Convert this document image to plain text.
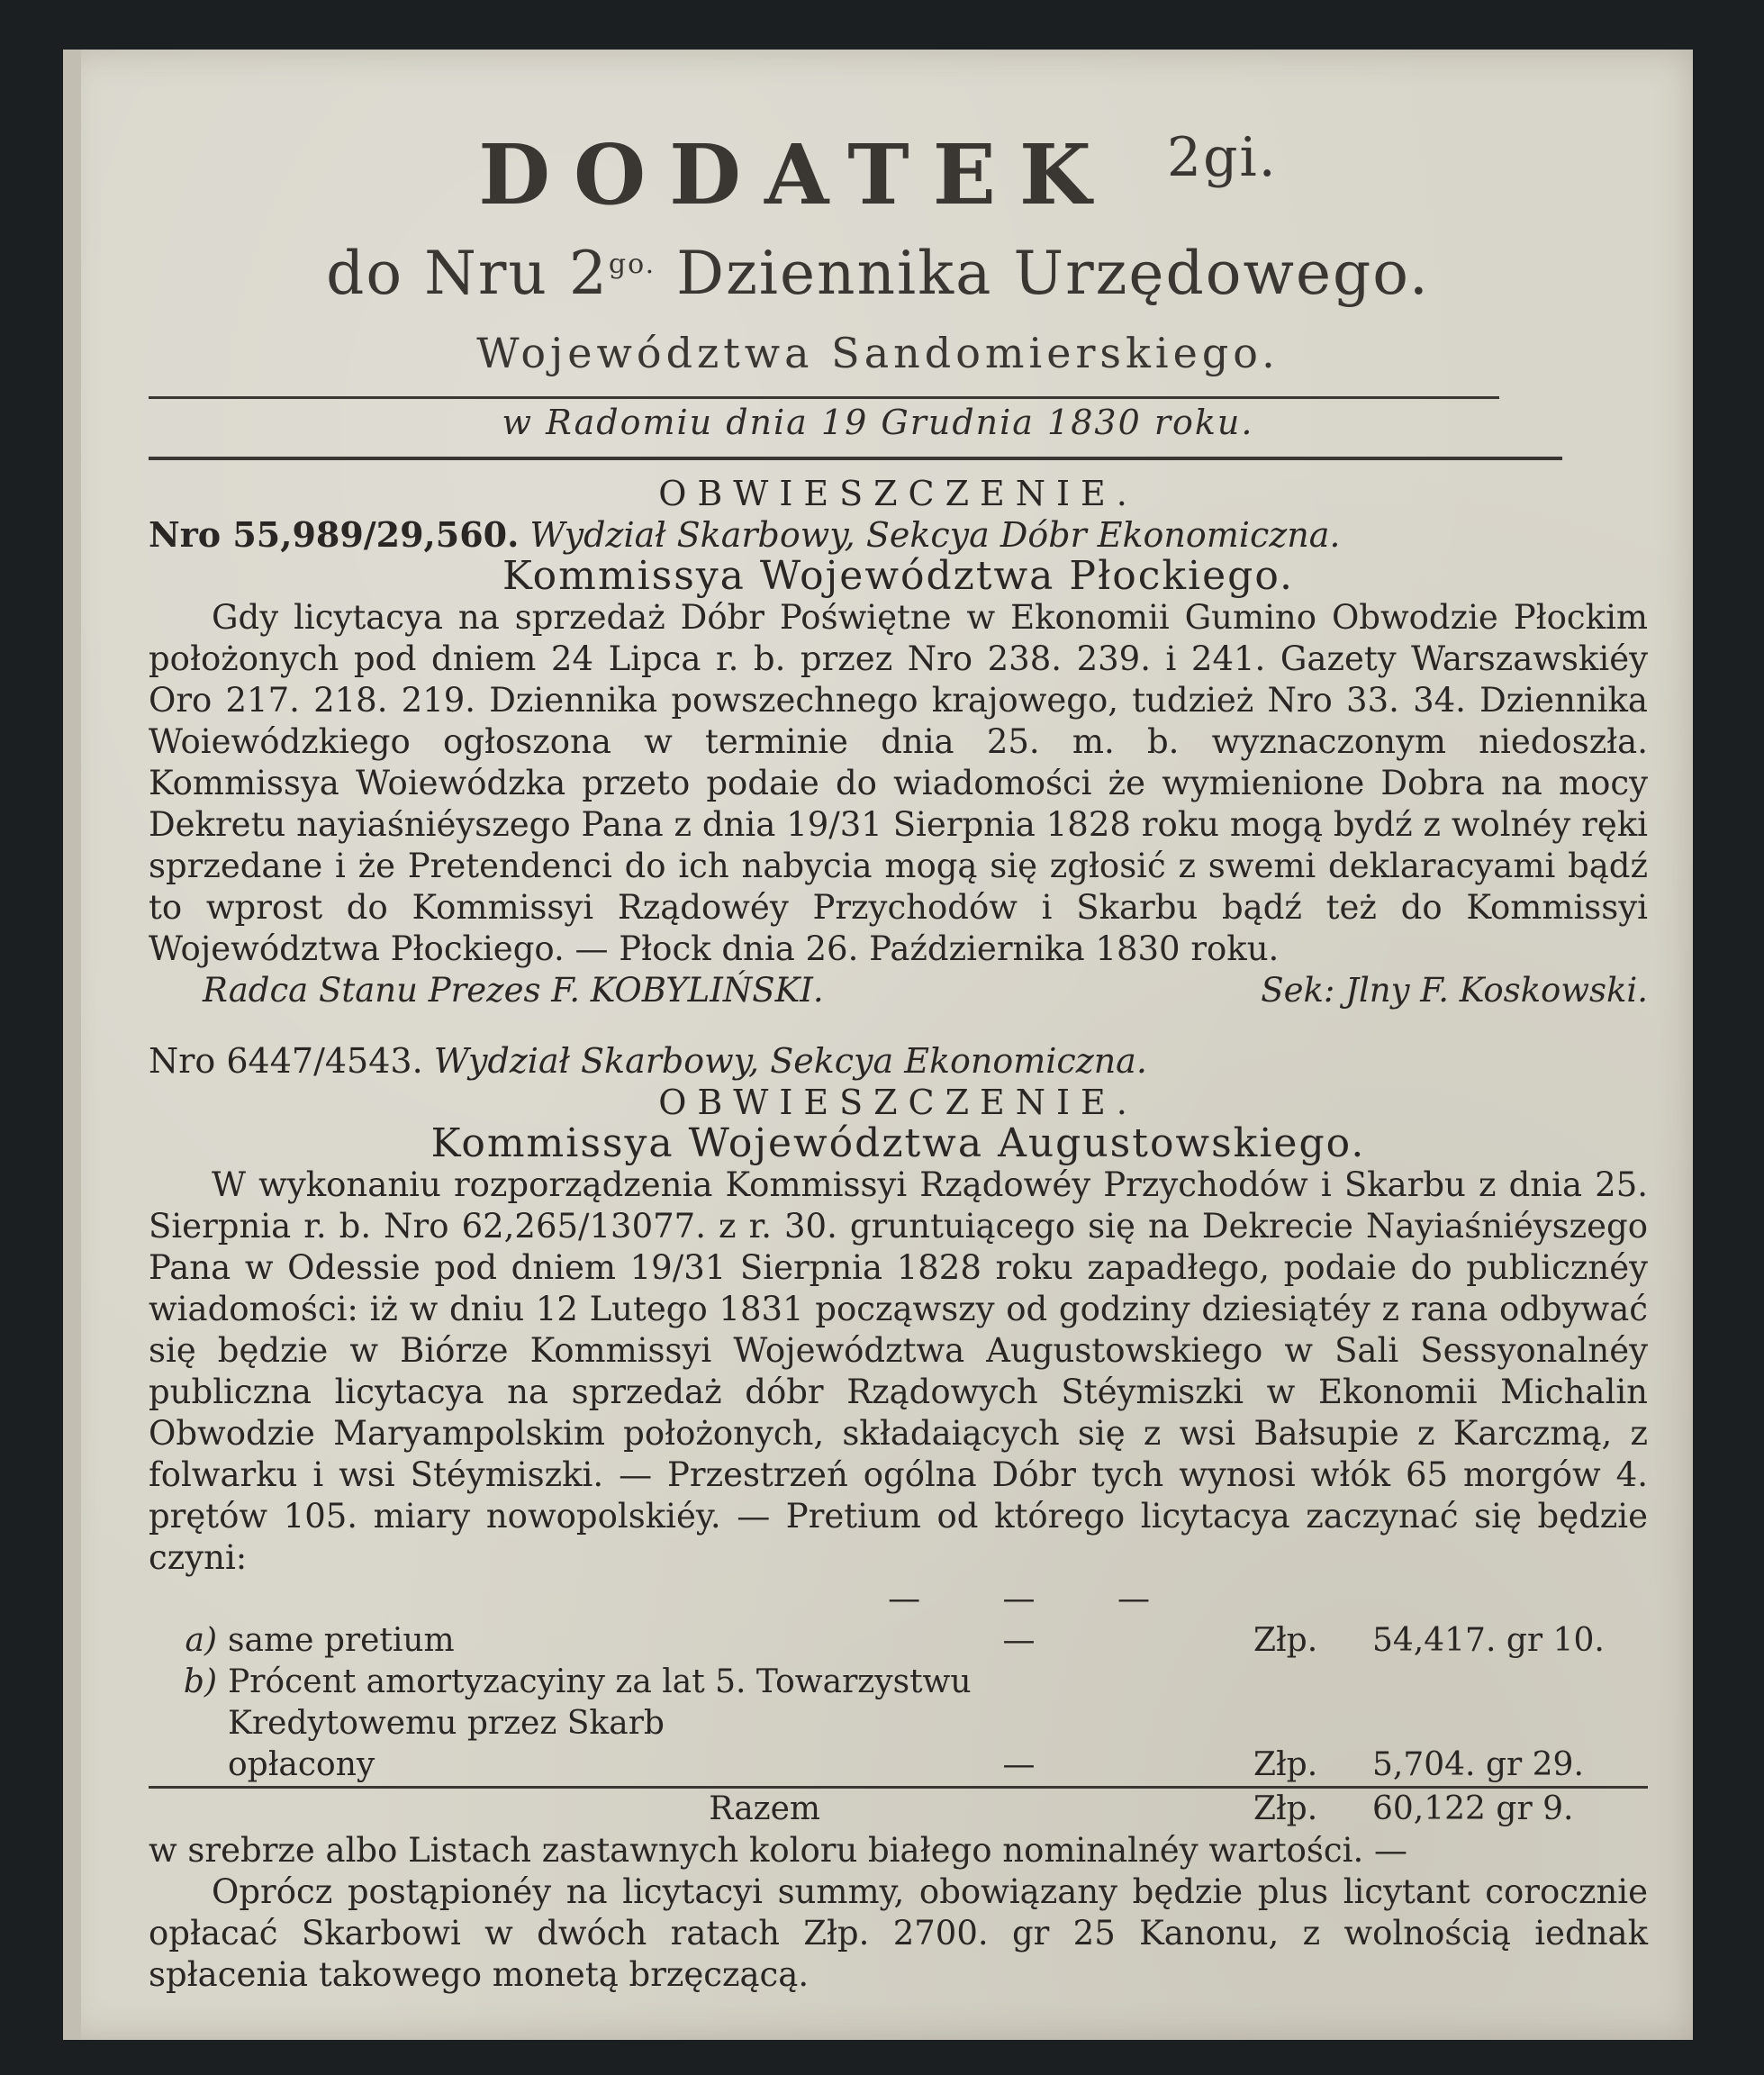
DODATEK $^{2gi.}$
do Nru $2^{go.}$ Dziennika Urzędowego.
Województwa Sandomierskiego.
w Radomiu dnia 19 Grudnia 1830 roku.
OBWIESZCZENIE.
Nro 55,989/29,560. Wydział Skarbowy, Sekcya Dóbr Ekonomiczna.
Kommissya Województwa Płockiego.

Gdy licytacya na sprzedaż Dóbr Poświętne w Ekonomii Gumino Obwodzie Płockim położonych pod dniem 24 Lipca r. b. przez Nro 238. 239. i 241. Gazety Warszawskiéy Oro 217. 218. 219. Dziennika powszechnego krajowego, tudzież Nro 33. 34. Dziennika Woiewódzkiego ogłoszona w terminie dnia 25. m. b. wyznaczonym niedoszła. Kommissya Woiewódzka przeto podaie do wiadomości że wymienione Dobra na mocy Dekretu nayiaśniéyszego Pana z dnia 19/31 Sierpnia 1828 roku mogą bydź z wolnéy ręki sprzedane i że Pretendenci do ich nabycia mogą się zgłosić z swemi deklaracyami bądź to wprost do Kommissyi Rządowéy Przychodów i Skarbu bądź też do Kommissyi Województwa Płockiego. — Płock dnia 26. Października 1830 roku.

Radca Stanu Prezes F. KOBYLIŃSKI.	Sek: Jlny F. Koskowski.
Nro 6447/4543. Wydział Skarbowy, Sekcya Ekonomiczna.
OBWIESZCZENIE.
Kommissya Województwa Augustowskiego.

W wykonaniu rozporządzenia Kommissyi Rządowéy Przychodów i Skarbu z dnia 25. Sierpnia r. b. Nro 62,265/13077. z r. 30. gruntuiącego się na Dekrecie Nayiaśniéyszego Pana w Odessie pod dniem 19/31 Sierpnia 1828 roku zapadłego, podaie do publicznéy wiadomości: iż w dniu 12 Lutego 1831 począwszy od godziny dziesiątéy z rana odbywać się będzie w Biórze Kommissyi Województwa Augustowskiego w Sali Sessyonalnéy publiczna licytacya na sprzedaż dóbr Rządowych Stéymiszki w Ekonomii Michalin Obwodzie Maryampolskim położonych, składaiących się z wsi Bałsupie z Karczmą, z folwarku i wsi Stéymiszki. — Przestrzeń ogólna Dóbr tych wynosi włók 65 morgów 4. prętów 105. miary nowopolskiéy. — Pretium od którego licytacya zaczynać się będzie czyni:

a)	same pretium	— — — —	Złp.	54,417. gr 10.
b)	Prócent amortyzacyiny za lat 5. Towarzystwu			
	Kredytowemu przez Skarb opłacony	—	Złp.	5,704. gr 29.
	Razem		Złp.	60,122 gr 9.

w srebrze albo Listach zastawnych koloru białego nominalnéy wartości. —

Oprócz postąpionéy na licytacyi summy, obowiązany będzie plus licytant corocznie opłacać Skarbowi w dwóch ratach Złp. 2700. gr 25 Kanonu, z wolnością iednak spłacenia takowego monetą brzęczącą.
